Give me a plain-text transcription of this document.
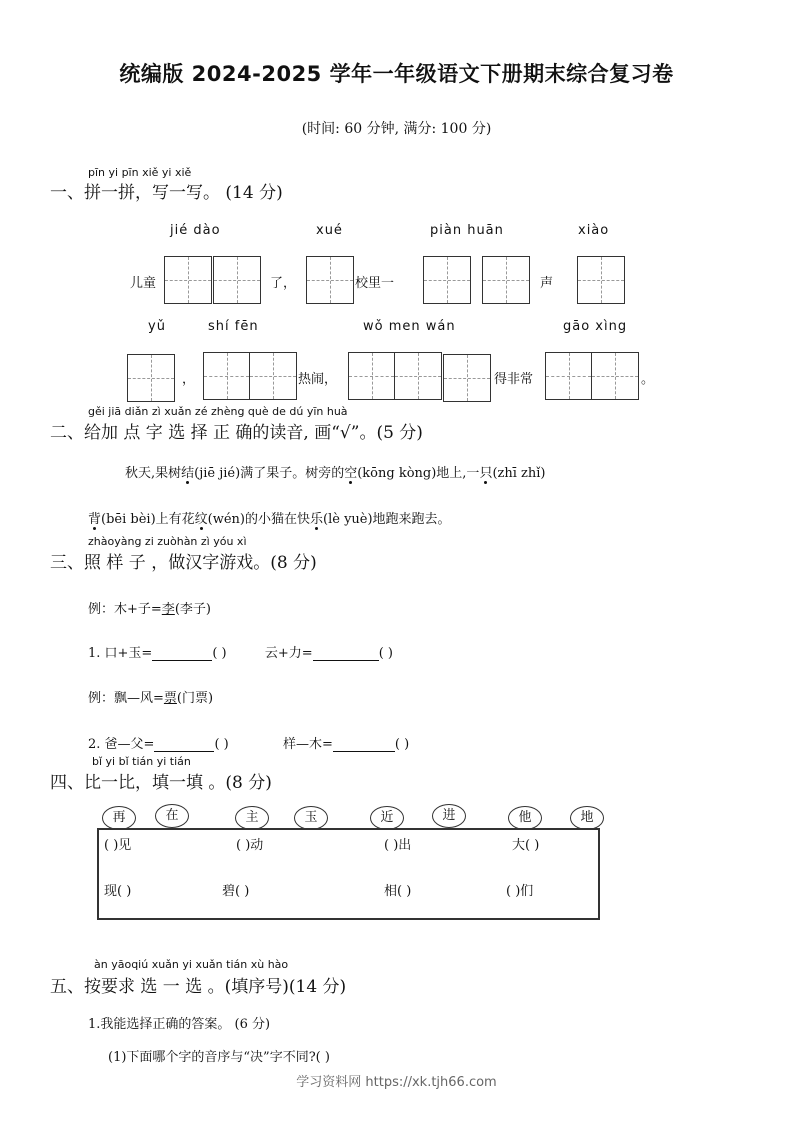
统编版 2024-2025 学年一年级语文下册期末综合复习卷
(时间: 60 分钟, 满分: 100 分)
pīn yi pīn xiě yi xiě
一、拼一拼，写一写。 (14 分)
jié dào	xué	piàn huān	xiào
儿童	了，	校里一	声
yǔ	shí fēn	wǒ men wán	gāo xìng
，	热闹，	得非常	。
gěi jiā diǎn zì xuǎn zé zhèng què de dú yīn huà
二、给加 点 字 选 择 正 确的读音, 画“√”。(5 分)
秋天,果树结(jiē jié)满了果子。树旁的空(kōng kòng)地上,一只(zhī zhǐ)
背(bēi bèi)上有花纹(wén)的小猫在快乐(lè yuè)地跑来跑去。
zhàoyàng zi zuòhàn zì yóu xì
三、照 样 子 ，做汉字游戏。(8 分)
例：木+子=李(李子)
1. 口+玉=	( )	云+力=	( )
例：飘—风=票(门票)
2. 爸—父=	( )	样—木=	( )
bǐ yi bǐ tián yi tián
四、比一比，填一填 。(8 分)
再	在	主	玉	近	进	他	地
( )见	( )动	( )出	大( )
现( )	碧( )	相( )	( )们
àn yāoqiú xuǎn yi xuǎn tián xù hào
五、按要求 选 一 选 。(填序号)(14 分)
1.我能选择正确的答案。 (6 分)
(1)下面哪个字的音序与“决”字不同?( )
学习资料网 https://xk.tjh66.com
